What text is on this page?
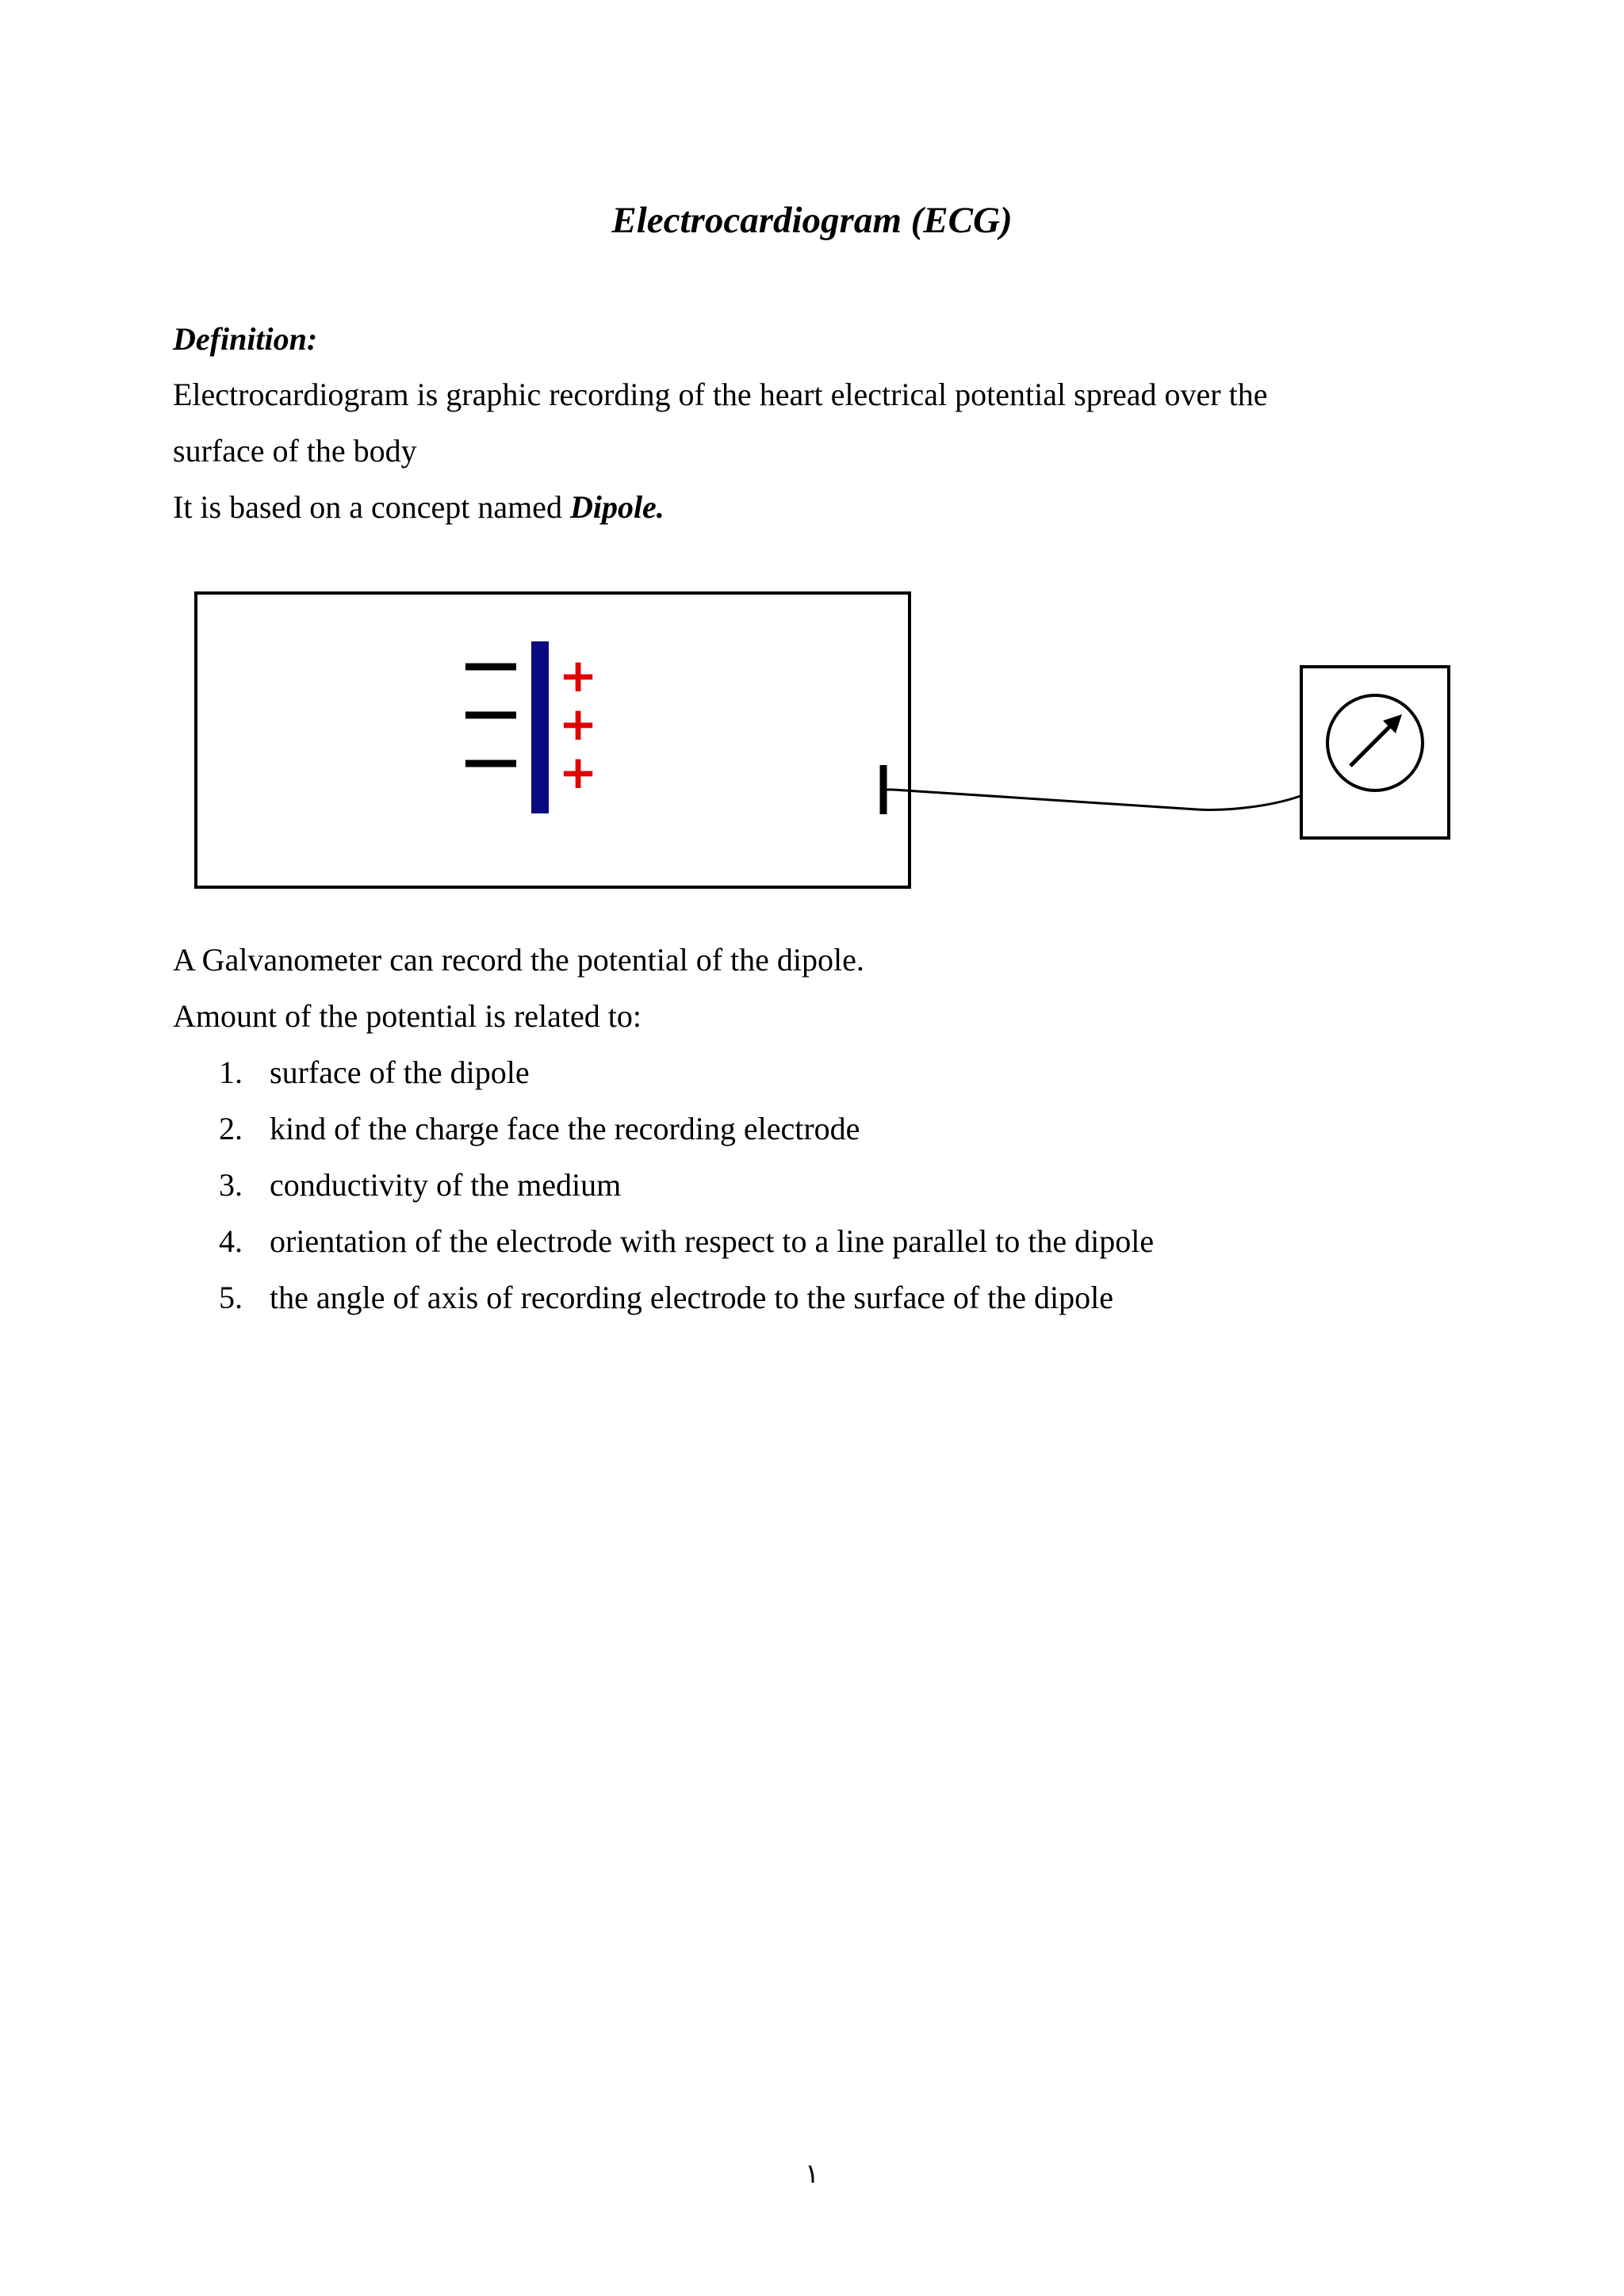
Electrocardiogram (ECG)
Definition:
Electrocardiogram is graphic recording of the heart electrical potential spread over the
surface of the body
It is based on a concept named Dipole.
+
+
+
A Galvanometer can record the potential of the dipole.
Amount of the potential is related to:
1. surface of the dipole
2. kind of the charge face the recording electrode
3. conductivity of the medium
4. orientation of the electrode with respect to a line parallel to the dipole
5. the angle of axis of recording electrode to the surface of the dipole
١
